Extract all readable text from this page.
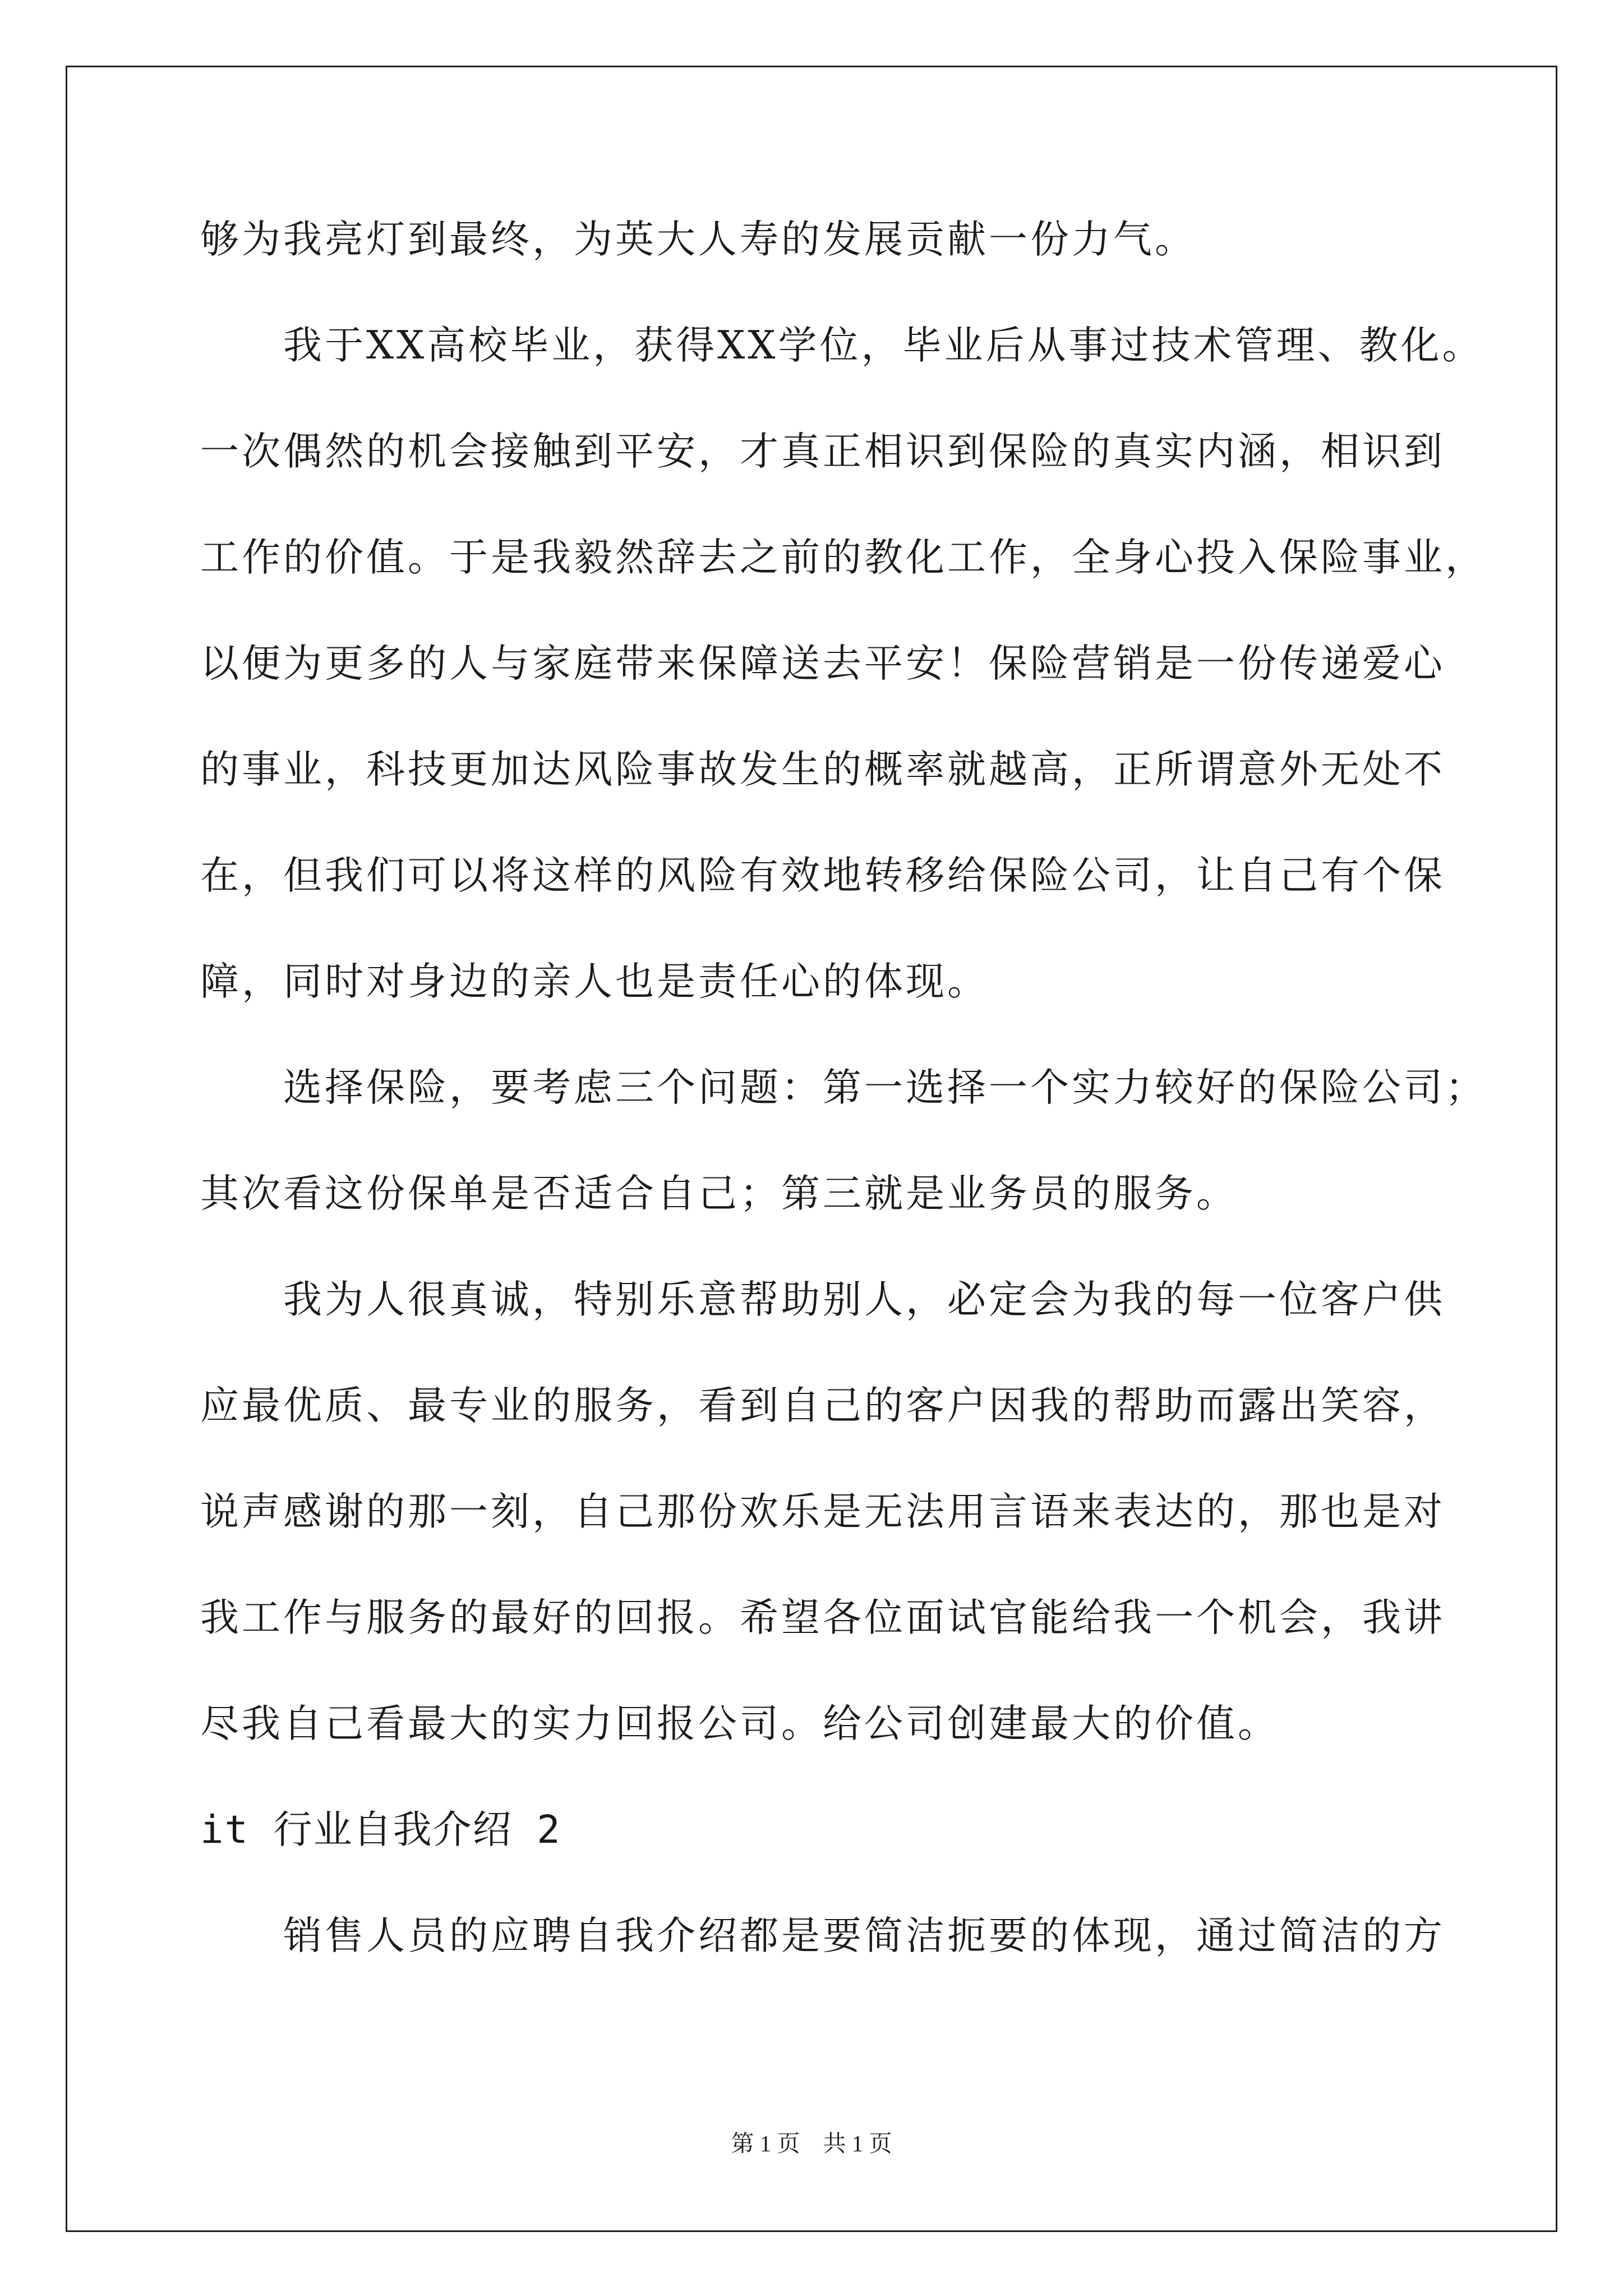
够为我亮灯到最终，为英大人寿的发展贡献一份力气。
我于XX高校毕业，获得XX学位，毕业后从事过技术管理、教化。
一次偶然的机会接触到平安，才真正相识到保险的真实内涵，相识到
工作的价值。于是我毅然辞去之前的教化工作，全身心投入保险事业，
以便为更多的人与家庭带来保障送去平安！保险营销是一份传递爱心
的事业，科技更加达风险事故发生的概率就越高，正所谓意外无处不
在，但我们可以将这样的风险有效地转移给保险公司，让自己有个保
障，同时对身边的亲人也是责任心的体现。
选择保险，要考虑三个问题：第一选择一个实力较好的保险公司；
其次看这份保单是否适合自己；第三就是业务员的服务。
我为人很真诚，特别乐意帮助别人，必定会为我的每一位客户供
应最优质、最专业的服务，看到自己的客户因我的帮助而露出笑容，
说声感谢的那一刻，自己那份欢乐是无法用言语来表达的，那也是对
我工作与服务的最好的回报。希望各位面试官能给我一个机会，我讲
尽我自己看最大的实力回报公司。给公司创建最大的价值。
it 行业自我介绍 2
销售人员的应聘自我介绍都是要简洁扼要的体现，通过简洁的方
第 1 页　共 1 页
